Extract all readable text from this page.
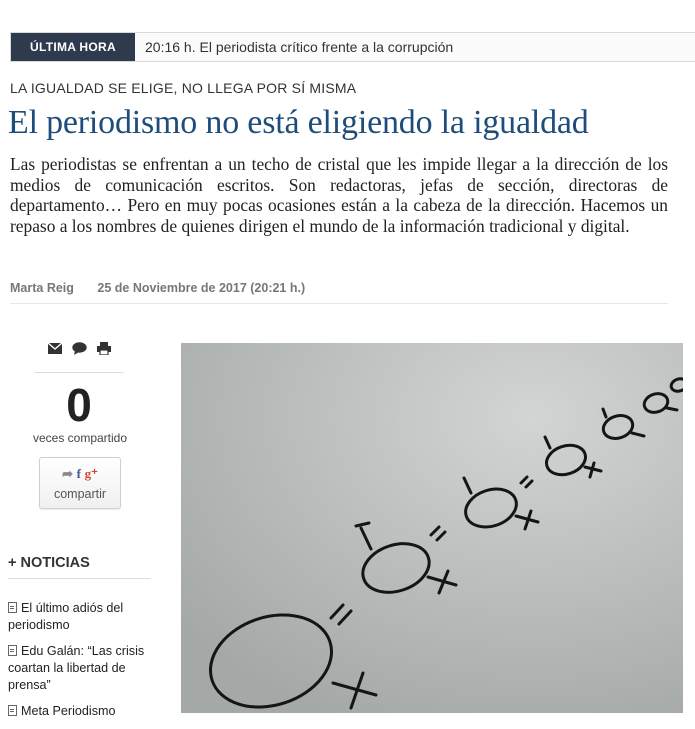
ÚLTIMA HORA	20:16 h. El periodista crítico frente a la corrupción
LA IGUALDAD SE ELIGE, NO LLEGA POR SÍ MISMA
El periodismo no está eligiendo la igualdad

Las periodistas se enfrentan a un techo de cristal que les impide llegar a la dirección de los medios de comunicación escritos. Son redactoras, jefas de sección, directoras de departamento… Pero en muy pocas ocasiones están a la cabeza de la dirección. Hacemos un repaso a los nombres de quienes dirigen el mundo de la información tradicional y digital.

Marta Reig 25 de Noviembre de 2017 (20:21 h.)
0
veces compartido
➦ f g⁺
compartir
+ NOTICIAS
El último adiós del periodismo
Edu Galán: “Las crisis coartan la libertad de prensa”
Meta Periodismo
